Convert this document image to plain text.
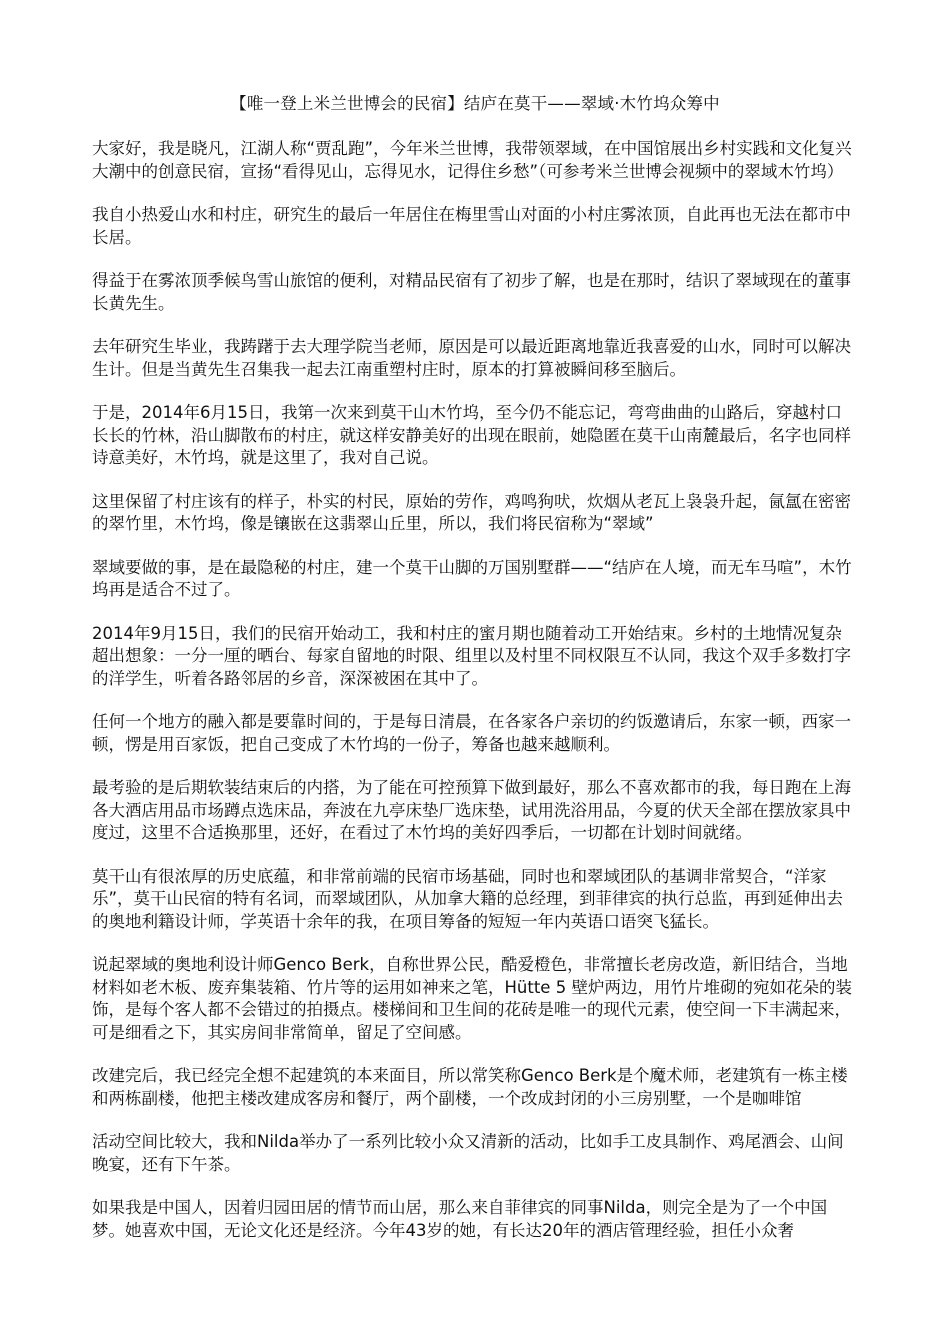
【唯一登上米兰世博会的民宿】结庐在莫干——翠域·木竹坞众筹中
大家好，我是晓凡，江湖人称“贾乱跑”，今年米兰世博，我带领翠域，在中国馆展出乡村实践和文化复兴大潮中的创意民宿，宣扬“看得见山，忘得见水，记得住乡愁”（可参考米兰世博会视频中的翠域木竹坞）
我自小热爱山水和村庄，研究生的最后一年居住在梅里雪山对面的小村庄雾浓顶，自此再也无法在都市中长居。
得益于在雾浓顶季候鸟雪山旅馆的便利，对精品民宿有了初步了解，也是在那时，结识了翠域现在的董事长黄先生。
去年研究生毕业，我踌躇于去大理学院当老师，原因是可以最近距离地靠近我喜爱的山水，同时可以解决生计。但是当黄先生召集我一起去江南重塑村庄时，原本的打算被瞬间移至脑后。
于是，2014年6月15日，我第一次来到莫干山木竹坞，至今仍不能忘记，弯弯曲曲的山路后，穿越村口长长的竹林，沿山脚散布的村庄，就这样安静美好的出现在眼前，她隐匿在莫干山南麓最后，名字也同样诗意美好，木竹坞，就是这里了，我对自己说。
这里保留了村庄该有的样子，朴实的村民，原始的劳作，鸡鸣狗吠，炊烟从老瓦上袅袅升起，氤氲在密密的翠竹里，木竹坞，像是镶嵌在这翡翠山丘里，所以，我们将民宿称为“翠域”
翠域要做的事，是在最隐秘的村庄，建一个莫干山脚的万国别墅群——“结庐在人境，而无车马喧”，木竹坞再是适合不过了。
2014年9月15日，我们的民宿开始动工，我和村庄的蜜月期也随着动工开始结束。乡村的土地情况复杂超出想象：一分一厘的晒台、每家自留地的时限、组里以及村里不同权限互不认同，我这个双手多数打字的洋学生，听着各路邻居的乡音，深深被困在其中了。
任何一个地方的融入都是要靠时间的，于是每日清晨，在各家各户亲切的约饭邀请后，东家一顿，西家一顿，愣是用百家饭，把自己变成了木竹坞的一份子，筹备也越来越顺利。
最考验的是后期软装结束后的内搭，为了能在可控预算下做到最好，那么不喜欢都市的我，每日跑在上海各大酒店用品市场蹲点选床品，奔波在九亭床垫厂选床垫，试用洗浴用品，今夏的伏天全部在摆放家具中度过，这里不合适换那里，还好，在看过了木竹坞的美好四季后，一切都在计划时间就绪。
莫干山有很浓厚的历史底蕴，和非常前端的民宿市场基础，同时也和翠域团队的基调非常契合，“洋家乐”，莫干山民宿的特有名词，而翠域团队，从加拿大籍的总经理，到菲律宾的执行总监，再到延伸出去的奥地利籍设计师，学英语十余年的我，在项目筹备的短短一年内英语口语突飞猛长。
说起翠域的奥地利设计师Genco Berk，自称世界公民，酷爱橙色，非常擅长老房改造，新旧结合，当地材料如老木板、废弃集装箱、竹片等的运用如神来之笔，Hütte 5 壁炉两边，用竹片堆砌的宛如花朵的装饰，是每个客人都不会错过的拍摄点。楼梯间和卫生间的花砖是唯一的现代元素，使空间一下丰满起来，可是细看之下，其实房间非常简单，留足了空间感。
改建完后，我已经完全想不起建筑的本来面目，所以常笑称Genco Berk是个魔术师，老建筑有一栋主楼和两栋副楼，他把主楼改建成客房和餐厅，两个副楼，一个改成封闭的小三房别墅，一个是咖啡馆
活动空间比较大，我和Nilda举办了一系列比较小众又清新的活动，比如手工皮具制作、鸡尾酒会、山间晚宴，还有下午茶。
如果我是中国人，因着归园田居的情节而山居，那么来自菲律宾的同事Nilda，则完全是为了一个中国梦。她喜欢中国，无论文化还是经济。今年43岁的她，有长达20年的酒店管理经验，担任小众奢
